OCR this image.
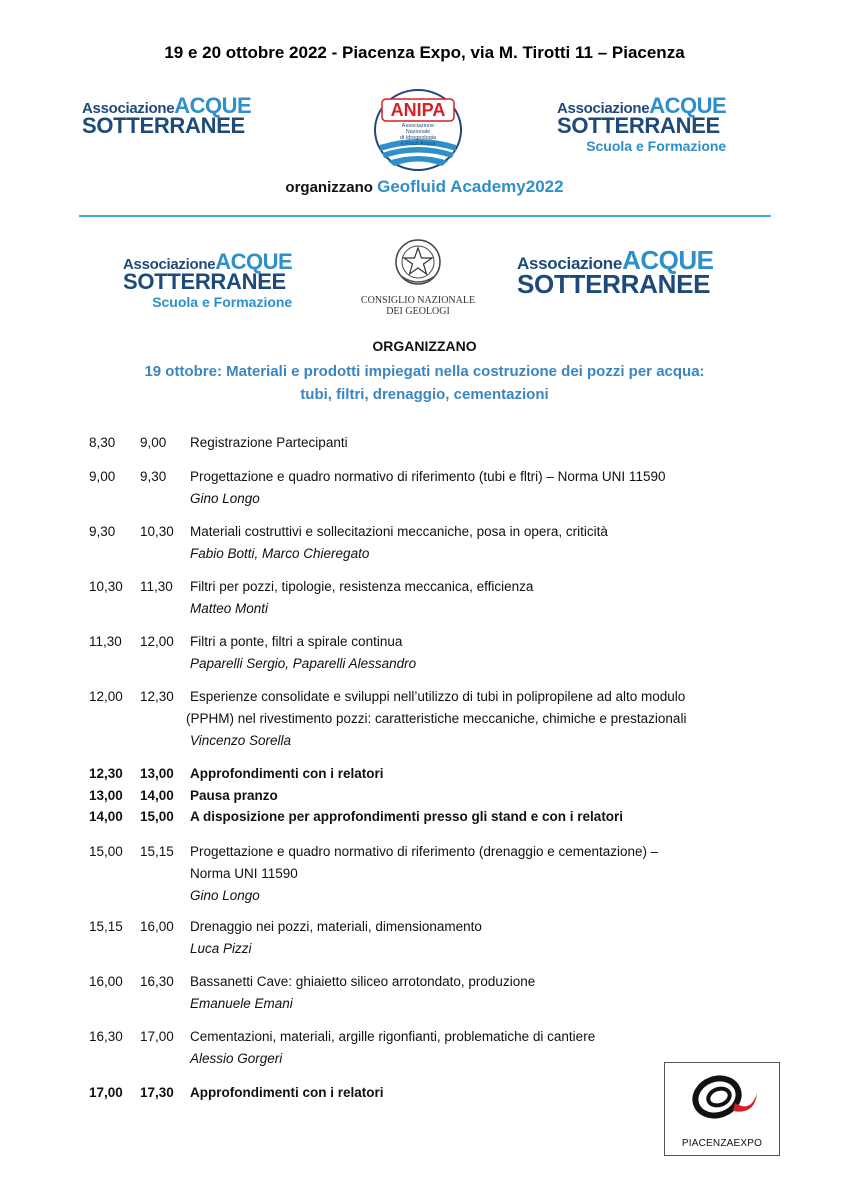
19 e 20 ottobre 2022 - Piacenza Expo, via M. Tirotti 11 – Piacenza
AssociazioneACQUE
SOTTERRANEE
ANIPA
Associazione Nazionale
di Idrogeologia
e Pozzi Acqua
AssociazioneACQUE
SOTTERRANEE
Scuola e Formazione
organizzano Geofluid Academy2022
AssociazioneACQUE
SOTTERRANEE
Scuola e Formazione	CONSIGLIO NAZIONALE
DEI GEOLOGI
AssociazioneACQUE
SOTTERRANEE
ORGANIZZANO
19 ottobre: Materiali e prodotti impiegati nella costruzione dei pozzi per acqua:
tubi, filtri, drenaggio, cementazioni
8,30 9,00 Registrazione Partecipanti
9,00 9,30 Progettazione e quadro normativo di riferimento (tubi e fltri) – Norma UNI 11590
Gino Longo
9,30 10,30 Materiali costruttivi e sollecitazioni meccaniche, posa in opera, criticità
Fabio Botti, Marco Chieregato
10,30 11,30 Filtri per pozzi, tipologie, resistenza meccanica, efficienza
Matteo Monti
11,30 12,00 Filtri a ponte, filtri a spirale continua
Paparelli Sergio, Paparelli Alessandro
12,00 12,30 Esperienze consolidate e sviluppi nell’utilizzo di tubi in polipropilene ad alto modulo
(PPHM) nel rivestimento pozzi: caratteristiche meccaniche, chimiche e prestazionali
Vincenzo Sorella
12,30 13,00 Approfondimenti con i relatori
13,00 14,00 Pausa pranzo
14,00 15,00 A disposizione per approfondimenti presso gli stand e con i relatori
15,00 15,15 Progettazione e quadro normativo di riferimento (drenaggio e cementazione) –
Norma UNI 11590
Gino Longo
15,15 16,00 Drenaggio nei pozzi, materiali, dimensionamento
Luca Pizzi
16,00 16,30 Bassanetti Cave: ghiaietto siliceo arrotondato, produzione
Emanuele Emani
16,30 17,00 Cementazioni, materiali, argille rigonfianti, problematiche di cantiere
Alessio Gorgeri
17,00 17,30 Approfondimenti con i relatori
PIACENZAEXPO
